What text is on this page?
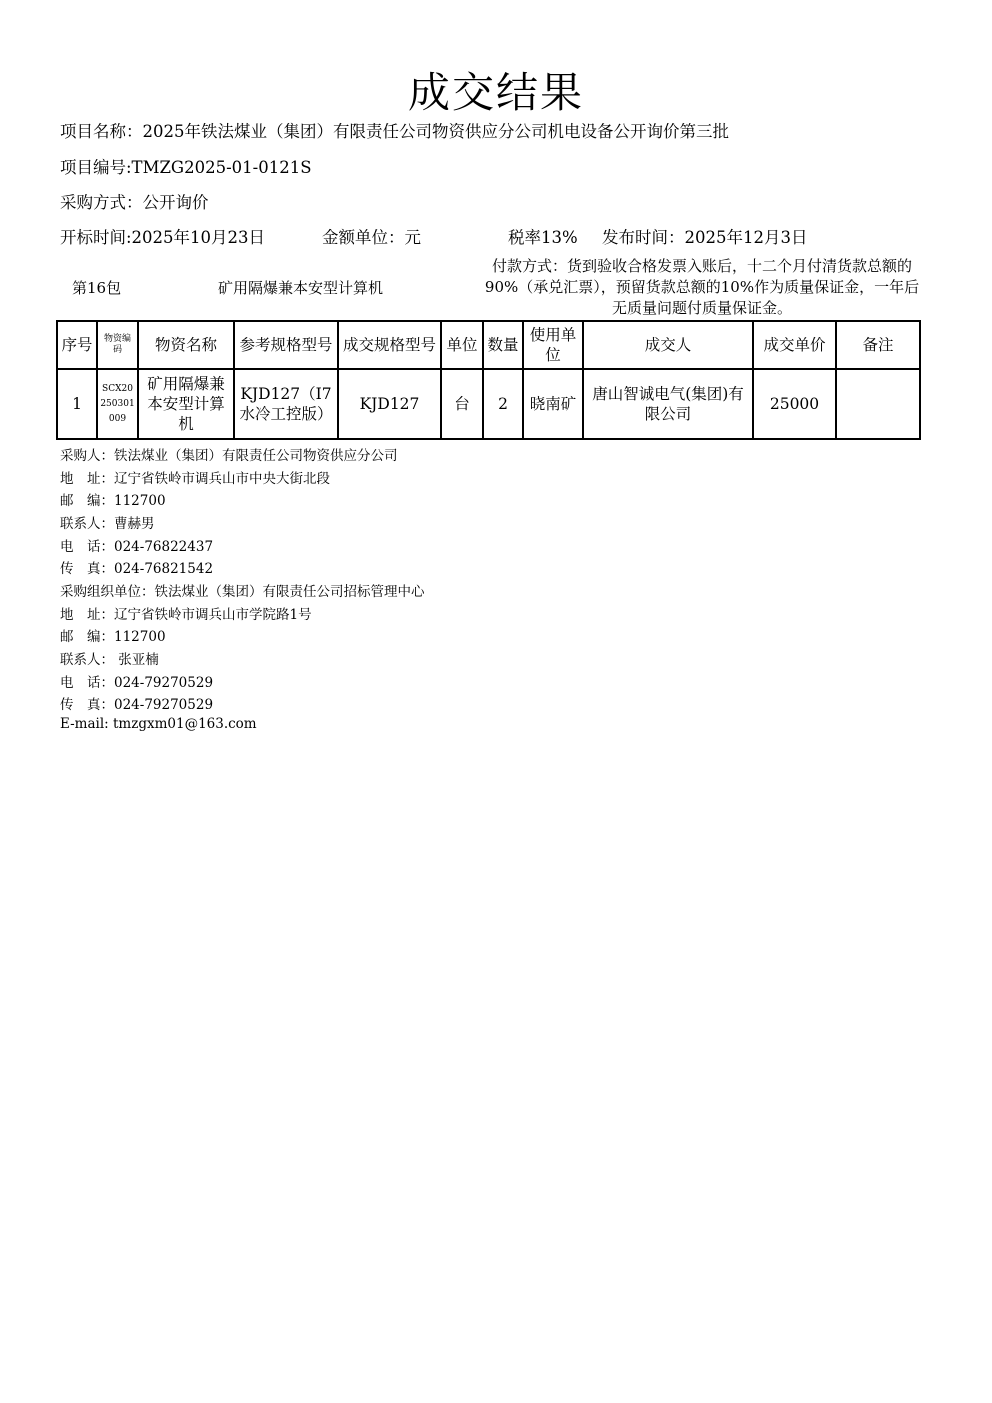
成交结果
项目名称：2025年铁法煤业（集团）有限责任公司物资供应分公司机电设备公开询价第三批
项目编号:TMZG2025-01-0121S
采购方式：公开询价
开标时间:2025年10月23日	金额单位：元	税率13% 发布时间：2025年12月3日
第16包	矿用隔爆兼本安型计算机
付款方式：货到验收合格发票入账后，十二个月付清货款总额的90%（承兑汇票），预留货款总额的10%作为质量保证金，一年后无质量问题付质量保证金。
序号	物资编码	物资名称	参考规格型号	成交规格型号	单位	数量	使用单位	成交人	成交单价	备注
1	SCX20250301009	矿用隔爆兼本安型计算机	KJD127（I7水冷工控版）	KJD127	台	2	晓南矿	唐山智诚电气(集团)有限公司	25000	
采购人：铁法煤业（集团）有限责任公司物资供应分公司
地　址：辽宁省铁岭市调兵山市中央大街北段
邮　编：112700
联系人：曹赫男
电　话：024-76822437
传　真：024-76821542
采购组织单位：铁法煤业（集团）有限责任公司招标管理中心
地　址：辽宁省铁岭市调兵山市学院路1号
邮　编：112700
联系人： 张亚楠
电　话：024-79270529
传　真：024-79270529
E-mail: tmzgxm01@163.com
